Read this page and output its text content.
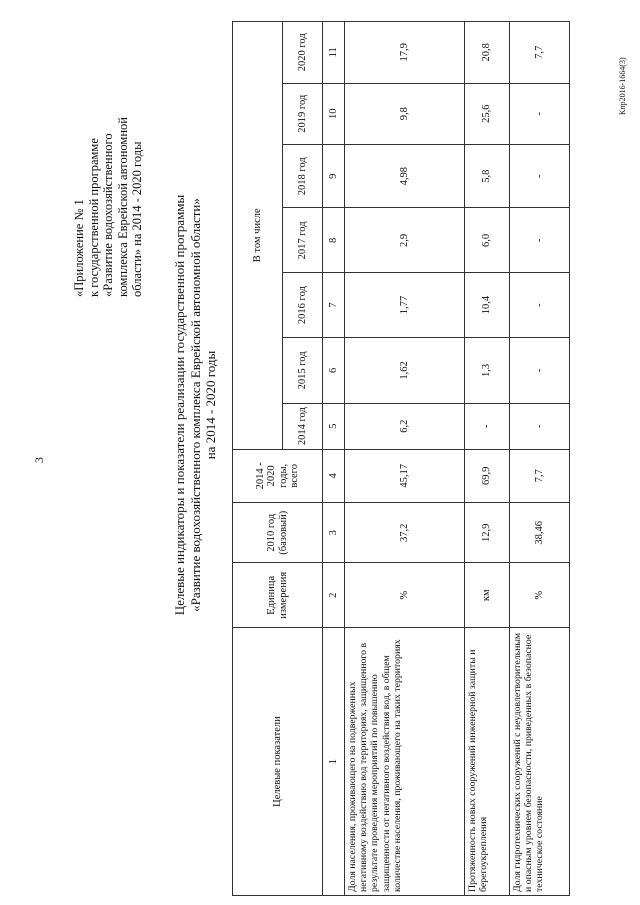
3
«Приложение № 1 к государственной программе «Развитие водохозяйственного комплекса Еврейской автономной области» на 2014 - 2020 годы Целевые индикаторы и показатели реализации государственной программы «Развитие водохозяйственного комплекса Еврейской автономной области» на 2014 - 2020 годы
Целевые показатели	Единица измерения	2010 год (базовый)	2014 - 2020 годы, всего	В том числе						
				2014 год	2015 год	2016 год	2017 год	2018 год	2019 год	2020 год
1	2	3	4	5	6	7	8	9	10	11
Доля населения, проживающего на подверженных негативному воздействию вод территориях, защищенного в результате проведения мероприятий по повышению защищенности от негативного воздействия вод, в общем количестве населения, проживающего на таких территориях	%	37,2	45,17	6,2	1,62	1,77	2,9	4,98	9,8	17,9
Протяженность новых сооружений инженерной защиты и берегоукрепления	км	12,9	69,9	-	1,3	10,4	6,0	5,8	25,6	20,8
Доля гидротехнических сооружений с неудовлетворительным и опасным уровнем безопасности, приведенных в безопасное техническое состояние	%	38,46	7,7	-	-	-	-	-	-	7,7
Кпр2016-1664(3)
